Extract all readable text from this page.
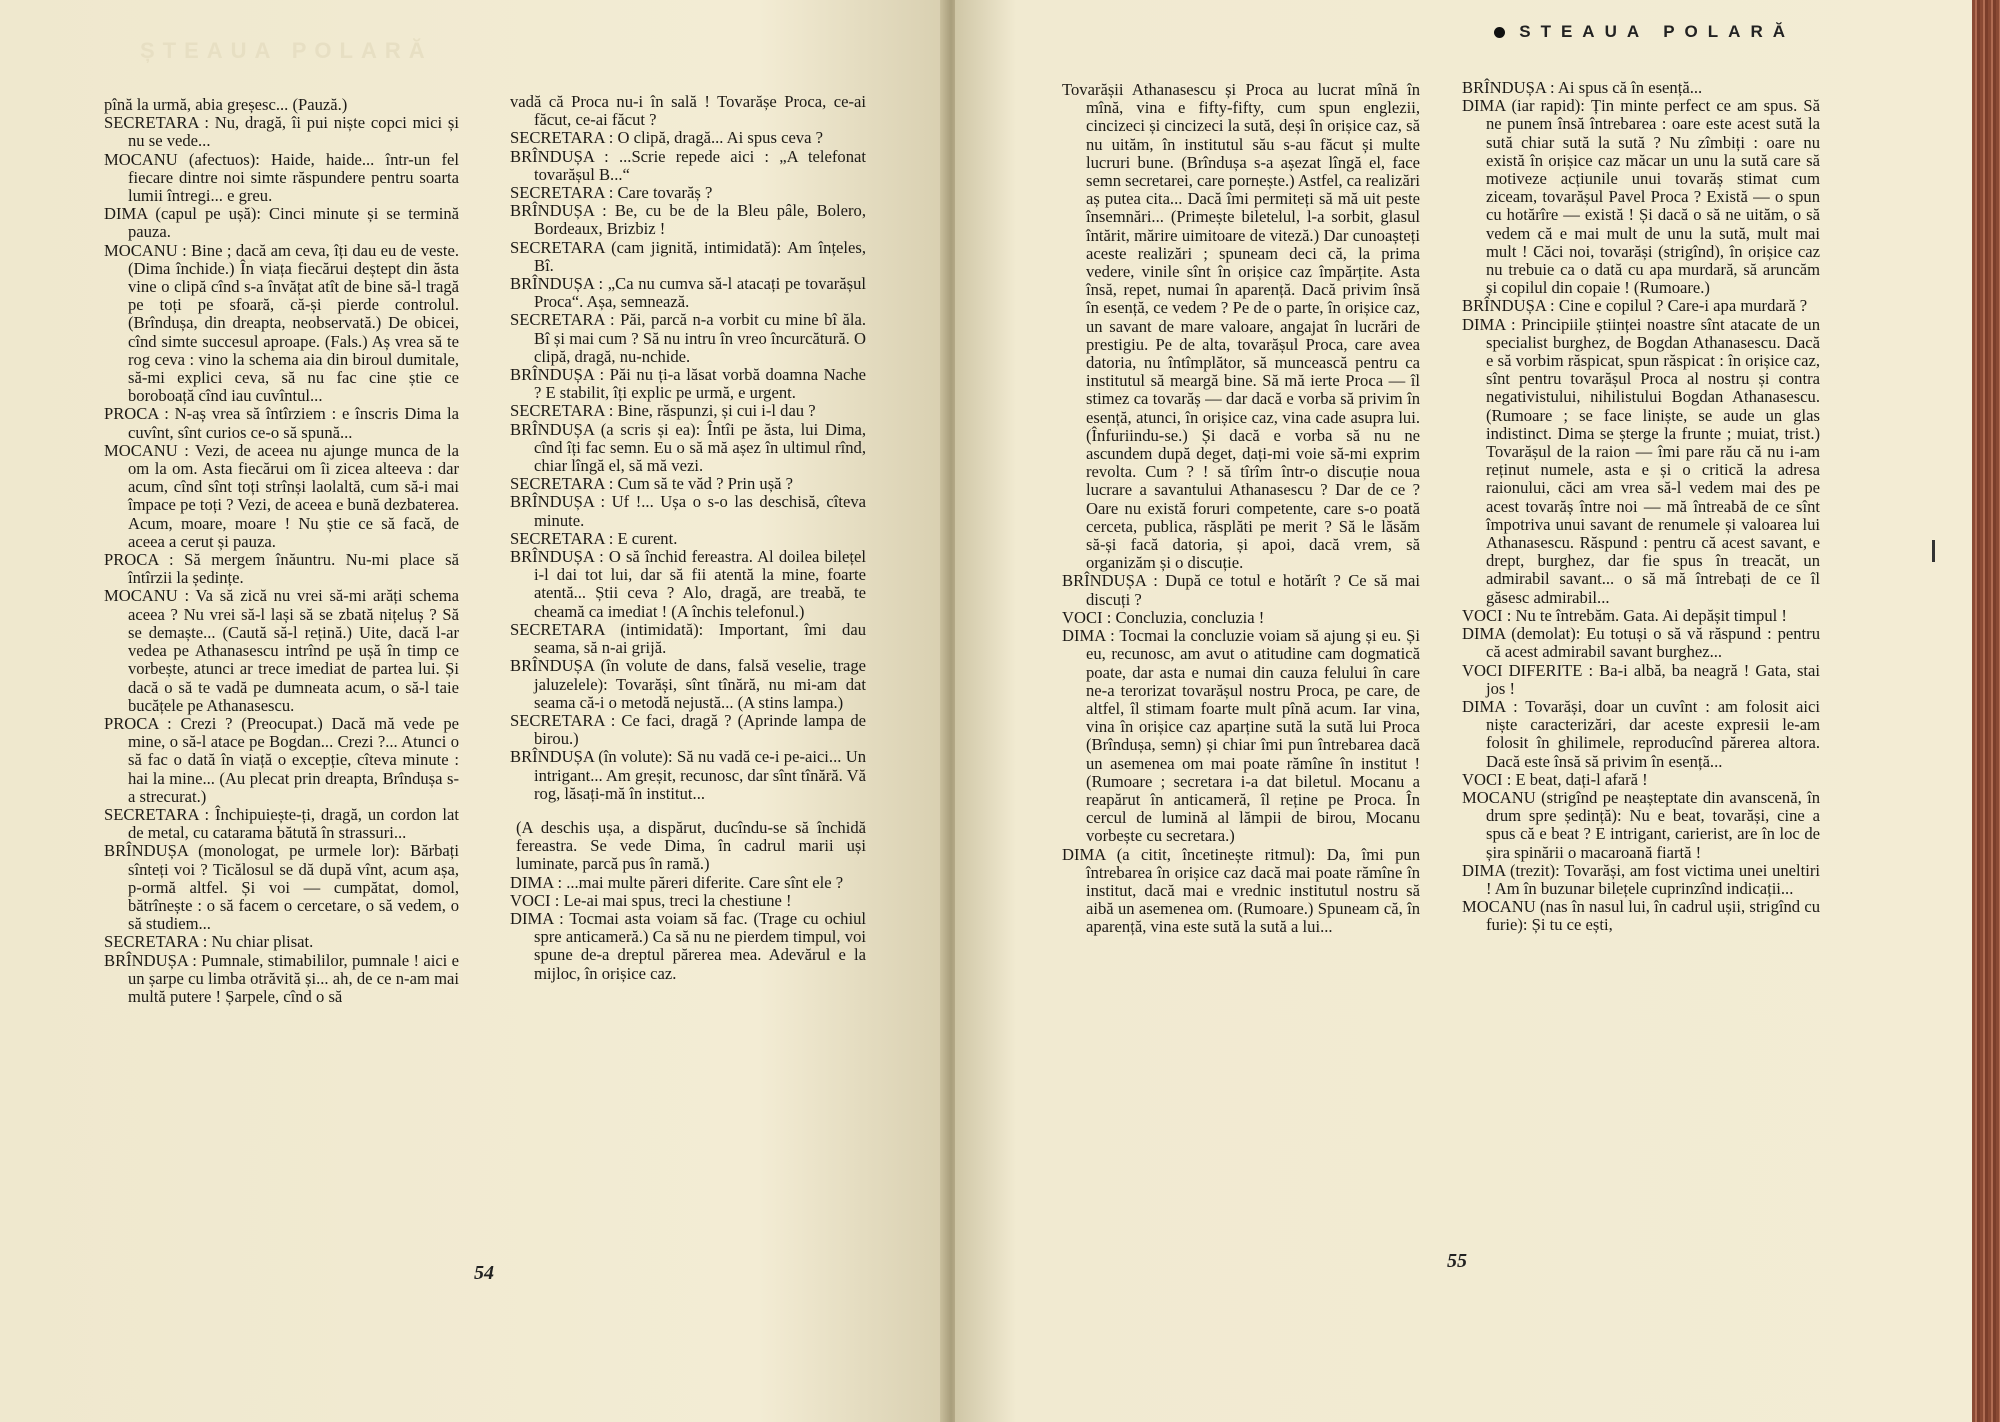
ȘTEAUA POLARĂ

pînă la urmă, abia greșesc... (Pauză.)

SECRETARA : Nu, dragă, îi pui niște copci mici și nu se vede...

MOCANU (afectuos): Haide, haide... într-un fel fiecare dintre noi simte răspundere pentru soarta lumii întregi... e greu.

DIMA (capul pe ușă): Cinci minute și se termină pauza.

MOCANU : Bine ; dacă am ceva, îți dau eu de veste. (Dima închide.) În viața fiecărui deștept din ăsta vine o clipă cînd s-a învățat atît de bine să-l tragă pe toți pe sfoară, că-și pierde controlul. (Brîndușa, din dreapta, neobservată.) De obicei, cînd simte succesul aproape. (Fals.) Aș vrea să te rog ceva : vino la schema aia din biroul dumitale, să-mi explici ceva, să nu fac cine știe ce boroboață cînd iau cuvîntul...

PROCA : N-aș vrea să întîrziem : e înscris Dima la cuvînt, sînt curios ce-o să spună...

MOCANU : Vezi, de aceea nu ajunge munca de la om la om. Asta fiecărui om îi zicea alteeva : dar acum, cînd sînt toți strînși laolaltă, cum să-i mai împace pe toți ? Vezi, de aceea e bună dezbaterea. Acum, moare, moare ! Nu știe ce să facă, de aceea a cerut și pauza.

PROCA : Să mergem înăuntru. Nu-mi place să întîrzii la ședințe.

MOCANU : Va să zică nu vrei să-mi arăți schema aceea ? Nu vrei să-l lași să se zbată nițeluș ? Să se demaște... (Caută să-l rețină.) Uite, dacă l-ar vedea pe Athanasescu intrînd pe ușă în timp ce vorbește, atunci ar trece imediat de partea lui. Și dacă o să te vadă pe dumneata acum, o să-l taie bucățele pe Athanasescu.

PROCA : Crezi ? (Preocupat.) Dacă mă vede pe mine, o să-l atace pe Bogdan... Crezi ?... Atunci o să fac o dată în viață o excepție, cîteva minute : hai la mine... (Au plecat prin dreapta, Brîndușa s-a strecurat.)

SECRETARA : Închipuiește-ți, dragă, un cordon lat de metal, cu catarama bătută în strassuri...

BRÎNDUȘA (monologat, pe urmele lor): Bărbați sînteți voi ? Ticălosul se dă după vînt, acum așa, p-ormă altfel. Și voi — cumpătat, domol, bătrînește : o să facem o cercetare, o să vedem, o să studiem...

SECRETARA : Nu chiar plisat.

BRÎNDUȘA : Pumnale, stimabililor, pumnale ! aici e un șarpe cu limba otrăvită și... ah, de ce n-am mai multă putere ! Șarpele, cînd o să

vadă că Proca nu-i în sală ! Tovarășe Proca, ce-ai făcut, ce-ai făcut ?

SECRETARA : O clipă, dragă... Ai spus ceva ?

BRÎNDUȘA : ...Scrie repede aici : „A telefonat tovarășul B...“

SECRETARA : Care tovarăș ?

BRÎNDUȘA : Be, cu be de la Bleu pâle, Bolero, Bordeaux, Brizbiz !

SECRETARA (cam jignită, intimidată): Am înțeles, Bî.

BRÎNDUȘA : „Ca nu cumva să-l atacați pe tovarășul Proca“. Așa, semnează.

SECRETARA : Păi, parcă n-a vorbit cu mine bî ăla. Bî și mai cum ? Să nu intru în vreo încurcătură. O clipă, dragă, nu-nchide.

BRÎNDUȘA : Păi nu ți-a lăsat vorbă doamna Nache ? E stabilit, îți explic pe urmă, e urgent.

SECRETARA : Bine, răspunzi, și cui i-l dau ?

BRÎNDUȘA (a scris și ea): Întîi pe ăsta, lui Dima, cînd îți fac semn. Eu o să mă așez în ultimul rînd, chiar lîngă el, să mă vezi.

SECRETARA : Cum să te văd ? Prin ușă ?

BRÎNDUȘA : Uf !... Ușa o s-o las deschisă, cîteva minute.

SECRETARA : E curent.

BRÎNDUȘA : O să închid fereastra. Al doilea bilețel i-l dai tot lui, dar să fii atentă la mine, foarte atentă... Știi ceva ? Alo, dragă, are treabă, te cheamă ca imediat ! (A închis telefonul.)

SECRETARA (intimidată): Important, îmi dau seama, să n-ai grijă.

BRÎNDUȘA (în volute de dans, falsă veselie, trage jaluzelele): Tovarăși, sînt tînără, nu mi-am dat seama că-i o metodă nejustă... (A stins lampa.)

SECRETARA : Ce faci, dragă ? (Aprinde lampa de birou.)

BRÎNDUȘA (în volute): Să nu vadă ce-i pe-aici... Un intrigant... Am greșit, recunosc, dar sînt tînără. Vă rog, lăsați-mă în institut...

(A deschis ușa, a dispărut, ducîndu-se să închidă fereastra. Se vede Dima, în cadrul marii uși luminate, parcă pus în ramă.)

DIMA : ...mai multe păreri diferite. Care sînt ele ?

VOCI : Le-ai mai spus, treci la chestiune !

DIMA : Tocmai asta voiam să fac. (Trage cu ochiul spre anticameră.) Ca să nu ne pierdem timpul, voi spune de-a dreptul părerea mea. Adevărul e la mijloc, în orișice caz.

54
STEAUA POLARĂ

Tovarășii Athanasescu și Proca au lucrat mînă în mînă, vina e fifty-fifty, cum spun englezii, cincizeci și cincizeci la sută, deși în orișice caz, să nu uităm, în institutul său s-au făcut și multe lucruri bune. (Brîndușa s-a așezat lîngă el, face semn secretarei, care pornește.) Astfel, ca realizări aș putea cita... Dacă îmi permiteți să mă uit peste însemnări... (Primește biletelul, l-a sorbit, glasul întărit, mărire uimitoare de viteză.) Dar cunoașteți aceste realizări ; spuneam deci că, la prima vedere, vinile sînt în orișice caz împărțite. Asta însă, repet, numai în aparență. Dacă privim însă în esență, ce vedem ? Pe de o parte, în orișice caz, un savant de mare valoare, angajat în lucrări de prestigiu. Pe de alta, tovarășul Proca, care avea datoria, nu întîmplător, să muncească pentru ca institutul să meargă bine. Să mă ierte Proca — îl stimez ca tovarăș — dar dacă e vorba să privim în esență, atunci, în orișice caz, vina cade asupra lui. (Înfuriindu-se.) Și dacă e vorba să nu ne ascundem după deget, dați-mi voie să-mi exprim revolta. Cum ? ! să tîrîm într-o discuție noua lucrare a savantului Athanasescu ? Dar de ce ? Oare nu există foruri competente, care s-o poată cerceta, publica, răsplăti pe merit ? Să le lăsăm să-și facă datoria, și apoi, dacă vrem, să organizăm și o discuție.

BRÎNDUȘA : După ce totul e hotărît ? Ce să mai discuți ?

VOCI : Concluzia, concluzia !

DIMA : Tocmai la concluzie voiam să ajung și eu. Și eu, recunosc, am avut o atitudine cam dogmatică poate, dar asta e numai din cauza felului în care ne-a terorizat tovarășul nostru Proca, pe care, de altfel, îl stimam foarte mult pînă acum. Iar vina, vina în orișice caz aparține sută la sută lui Proca (Brîndușa, semn) și chiar îmi pun întrebarea dacă un asemenea om mai poate rămîne în institut ! (Rumoare ; secretara i-a dat biletul. Mocanu a reapărut în anticameră, îl reține pe Proca. În cercul de lumină al lămpii de birou, Mocanu vorbește cu secretara.)

DIMA (a citit, încetinește ritmul): Da, îmi pun întrebarea în orișice caz dacă mai poate rămîne în institut, dacă mai e vrednic institutul nostru să aibă un asemenea om. (Rumoare.) Spuneam că, în aparență, vina este sută la sută a lui...

BRÎNDUȘA : Ai spus că în esență...

DIMA (iar rapid): Țin minte perfect ce am spus. Să ne punem însă întrebarea : oare este acest sută la sută chiar sută la sută ? Nu zîmbiți : oare nu există în orișice caz măcar un unu la sută care să motiveze acțiunile unui tovarăș stimat cum ziceam, tovarășul Pavel Proca ? Există — o spun cu hotărîre — există ! Și dacă o să ne uităm, o să vedem că e mai mult de unu la sută, mult mai mult ! Căci noi, tovarăși (strigînd), în orișice caz nu trebuie ca o dată cu apa murdară, să aruncăm și copilul din copaie ! (Rumoare.)

BRÎNDUȘA : Cine e copilul ? Care-i apa murdară ?

DIMA : Principiile științei noastre sînt atacate de un specialist burghez, de Bogdan Athanasescu. Dacă e să vorbim răspicat, spun răspicat : în orișice caz, sînt pentru tovarășul Proca al nostru și contra negativistului, nihilistului Bogdan Athanasescu. (Rumoare ; se face liniște, se aude un glas indistinct. Dima se șterge la frunte ; muiat, trist.) Tovarășul de la raion — îmi pare rău că nu i-am reținut numele, asta e și o critică la adresa raionului, căci am vrea să-l vedem mai des pe acest tovarăș între noi — mă întreabă de ce sînt împotriva unui savant de renumele și valoarea lui Athanasescu. Răspund : pentru că acest savant, e drept, burghez, dar fie spus în treacăt, un admirabil savant... o să mă întrebați de ce îl găsesc admirabil...

VOCI : Nu te întrebăm. Gata. Ai depășit timpul !

DIMA (demolat): Eu totuși o să vă răspund : pentru că acest admirabil savant burghez...

VOCI DIFERITE : Ba-i albă, ba neagră ! Gata, stai jos !

DIMA : Tovarăși, doar un cuvînt : am folosit aici niște caracterizări, dar aceste expresii le-am folosit în ghilimele, reproducînd părerea altora. Dacă este însă să privim în esență...

VOCI : E beat, dați-l afară !

MOCANU (strigînd pe neașteptate din avanscenă, în drum spre ședință): Nu e beat, tovarăși, cine a spus că e beat ? E intrigant, carierist, are în loc de șira spinării o macaroană fiartă !

DIMA (trezit): Tovarăși, am fost victima unei uneltiri ! Am în buzunar bilețele cuprinzînd indicații...

MOCANU (nas în nasul lui, în cadrul ușii, strigînd cu furie): Și tu ce ești,

55
